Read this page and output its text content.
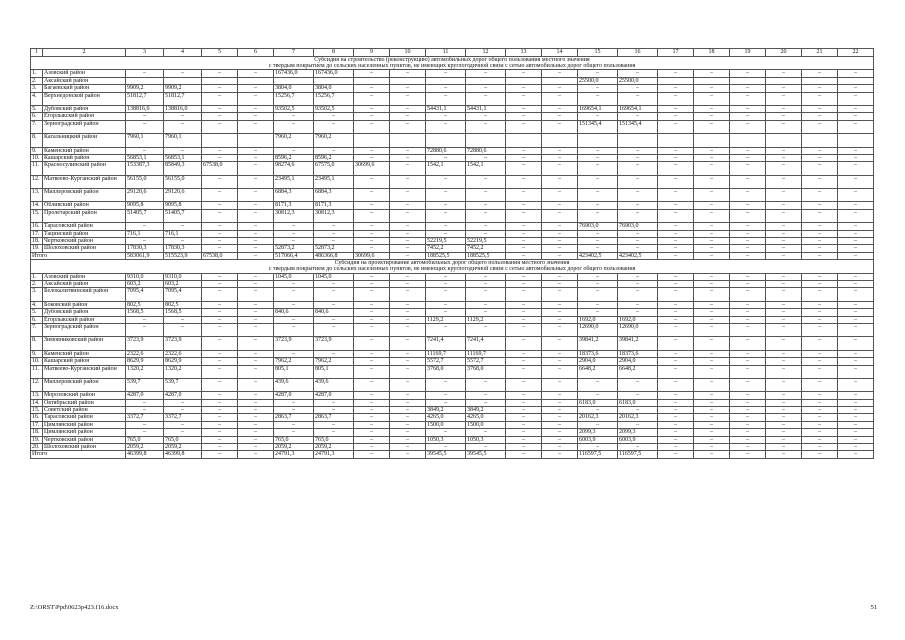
1	2	3	4	5	6	7	8	9	10	11	12	13	14	15	16	17	18	19	20	21	22

Субсидия на строительство (реконструкцию) автомобильных дорог общего пользования местного значения
с твердым покрытием до сельских населенных пунктов, не имеющих круглогодичной связи с сетью автомобильных дорог общего пользования																					

1.	Азовский район	–	–	–	–	167436,0	167436,0	–	–	–	–	–	–	–	–	–	–	–	–	–	–
2.	Аксайский район													25500,0	25500,0						
3.	Багаевский район	9909,2	9909,2	–	–	3804,0	3804,0	–	–	–	–	–	–	–	–	–	–	–	–	–	–
4.	Верхнедонской район	51812,7	51812,7	–	–	15256,7	15256,7	–	–	–	–	–	–	–	–	–	–	–	–	–	–
5.	Дубовский район	138816,0	138816,0	–	–	93502,5	93502,5	–	–	54431,1	54431,1	–	–	169654,1	169654,1	–	–	–	–	–	–
6.	Егорлыкский район	–	–	–	–	–	–	–	–	–	–	–	–	–	–	–	–	–	–	–	–
7.	Зерноградский район	–	–	–	–	–	–	–	–	–	–	–	–	151345,4	151345,4	–	–	–	–	–	–
8.	Кагальницкий район	7960,1	7960,1			7960,2	7960,2														
9.	Каменский район	–	–	–	–	–	–	–	–	72880,6	72880,6	–	–	–	–	–	–	–	–	–	–
10.	Кашарский район	56853,1	56853,1	–	–	8596,2	8596,2	–	–	–	–	–	–	–	–	–	–	–	–	–	–
11.	Красносулинский район	153387,3	85849,3	67538,0	–	98274,6	67575,0	30699,6	–	1542,1	1542,1	–	–	–	–	–	–	–	–	–	–
12.	Матвеево-Курганский район	56155,0	56155,0	–	–	23495,1	23495,1	–	–	–	–	–	–	–	–	–	–	–	–	–	–
13.	Миллеровский район	29120,6	29120,6	–	–	6884,3	6884,3	–	–	–	–	–	–	–	–	–	–	–	–	–	–
14.	Обливский район	9095,8	9095,8	–	–	8171,3	8171,3	–	–	–	–	–	–	–	–	–	–	–	–	–	–
15.	Пролетарский район	51405,7	51405,7	–	–	30812,3	30812,3	–	–	–	–	–	–	–	–	–	–	–	–	–	–
16.	Тарасовский район	–	–	–	–	–	–	–	–	–	–	–	–	76903,0	76903,0	–	–	–	–	–	–
17.	Тацинский район	716,1	716,1	–	–	–	–	–	–	–	–	–	–	–	–	–	–	–	–	–	–
18.	Чертковский район	–	–	–	–	–	–	–	–	52219,5	52219,5	–	–	–	–	–	–	–	–	–	–
19.	Шолоховский район	17830,3	17830,3	–	–	52873,2	52873,2	–	–	7452,2	7452,2	–	–	–	–	–	–	–	–	–	–
Итого		583061,9	515523,9	67538,0	–	517066,4	486366,8	30699,6	–	188525,5	188525,5	–	–	423402,5	423402,5	–	–	–	–	–	–

Субсидия на проектирование автомобильных дорог общего пользования местного значения
с твердым покрытием до сельских населенных пунктов, не имеющих круглогодичной связи с сетью автомобильных дорог общего пользования																					

1.	Азовский район	9310,0	9310,0	–	–	1045,0	1045,0	–	–	–	–	–	–	–	–	–	–	–	–	–	–
2.	Аксайский район	603,2	603,2	–	–	–	–	–	–	–	–	–	–	–	–	–	–	–	–	–	–
3.	Белокалитвинский район	7095,4	7095,4	–	–	–	–	–	–	–	–	–	–	–	–	–	–	–	–	–	–
4.	Боковский район	802,5	802,5	–	–	–	–	–	–	–	–	–	–	–	–	–	–	–	–	–	–
5.	Дубовский район	1568,5	1568,5	–	–	840,6	840,6	–	–	–	–	–	–	–	–	–	–	–	–	–	–
6.	Егорлыкский район	–	–	–	–	–	–	–	–	1129,2	1129,2	–	–	1692,0	1692,0	–	–	–	–	–	–
7.	Зерноградский район	–	–	–	–	–	–	–	–	–	–	–	–	12690,0	12690,0	–	–	–	–	–	–
8.	Зимовниковский район	3723,9	3723,9	–	–	3723,9	3723,9	–	–	7241,4	7241,4	–	–	39841,2	39841,2	–	–	–	–	–	–
9.	Каменский район	2322,6	2322,6	–	–	–	–	–	–	11169,7	11169,7	–	–	18373,6	18373,6	–	–	–	–	–	–
10.	Кашарский район	8629,9	8629,9	–	–	7962,2	7962,2	–	–	5572,7	5572,7	–	–	2904,0	2904,0	–	–	–	–	–	–
11.	Матвеево-Курганский район	1320,2	1320,2	–	–	805,1	805,1	–	–	3768,0	3768,0	–	–	6648,2	6648,2	–	–	–	–	–	–
12.	Миллеровский район	539,7	539,7	–	–	439,6	439,6	–	–	–	–	–	–	–	–	–	–	–	–	–	–
13.	Морозовский район	4287,0	4287,0	–	–	4287,0	4287,0	–	–	–	–	–	–	–	–	–	–	–	–	–	–
14.	Октябрьский район	–	–	–	–	–	–	–	–	–	–	–	–	6183,0	6183,0	–	–	–	–	–	–
15.	Советский район	–	–	–	–	–	–	–	–	3849,2	3849,2	–	–	–	–	–	–	–	–	–	–
16.	Тарасовский район	3372,7	3372,7	–	–	2863,7	2863,7	–	–	4265,0	4265,0	–	–	20162,3	20162,3	–	–	–	–	–	–
17.	Цимлянский район	–	–	–	–	–	–	–	–	1500,0	1500,0	–	–	–	–	–	–	–	–	–	–
18.	Цимлянский район	–	–	–	–	–	–	–	–	–	–	–	–	2099,3	2099,3	–	–	–	–	–	–
19.	Чертковский район	765,0	765,0	–	–	765,0	765,0	–	–	1050,3	1050,3	–	–	6003,9	6003,9	–	–	–	–	–	–
20.	Шолоховский район	2059,2	2059,2	–	–	2059,2	2059,2	–	–	–	–	–	–	–	–	–	–	–	–	–	–
Итого		46399,8	46399,8	–	–	24791,3	24791,3	–	–	39545,5	39545,5	–	–	116597,5	116597,5	–	–	–	–	–	–
Z:\ORST\Ppd\0623p423.f16.docx	51
